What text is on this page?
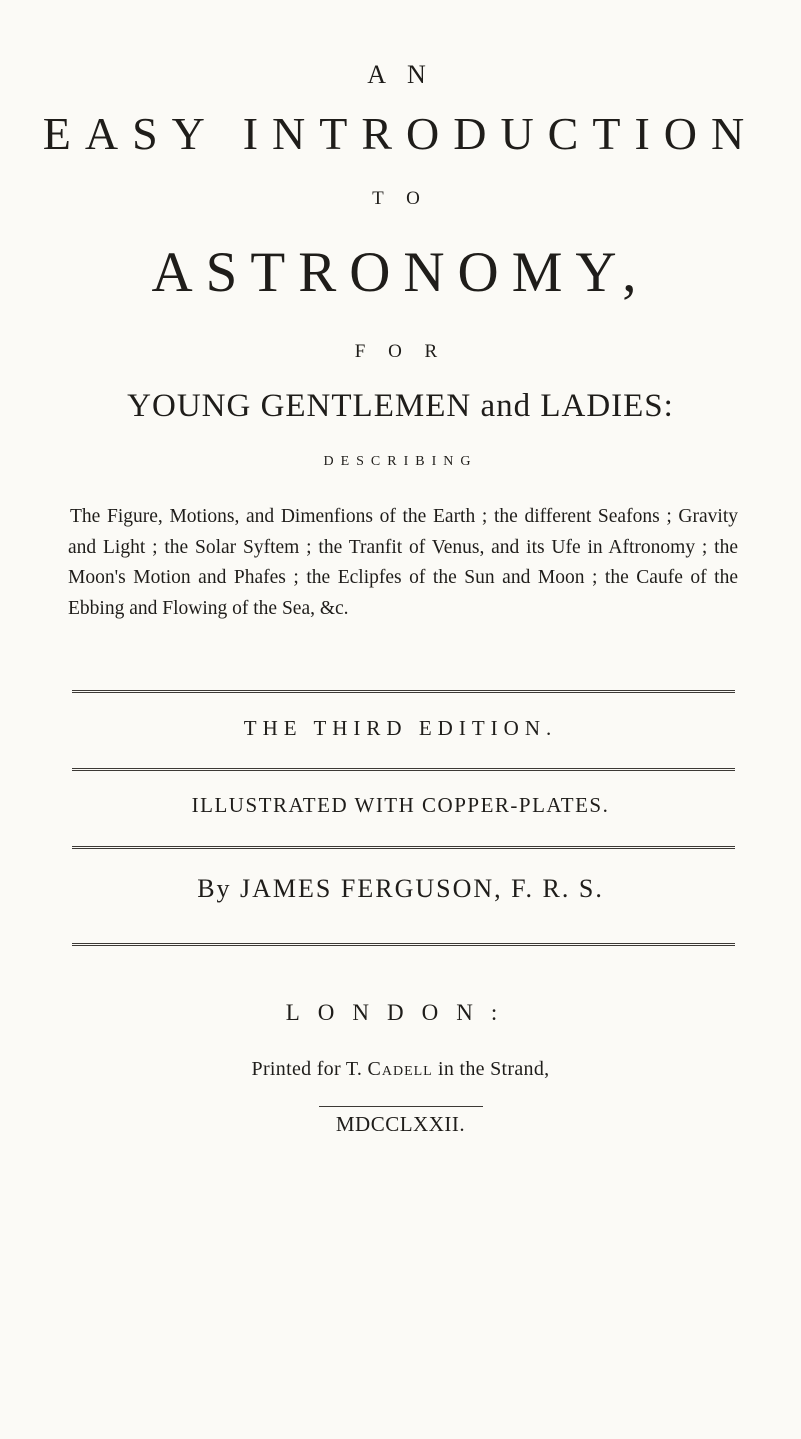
A N
EASY INTRODUCTION
T O
ASTRONOMY,
F O R
YOUNG GENTLEMEN and LADIES:
DESCRIBING
The Figure, Motions, and Dimenfions of the Earth ; the different Seafons ; Gravity and Light ; the Solar Syftem ; the Tranfit of Venus, and its Ufe in Aftronomy ; the Moon's Motion and Phafes ; the Eclipfes of the Sun and Moon ; the Caufe of the Ebbing and Flowing of the Sea, &c.
THE THIRD EDITION.
ILLUSTRATED WITH COPPER-PLATES.
By JAMES FERGUSON, F. R. S.
LONDON:
Printed for T. Cadell in the Strand,
MDCCLXXII.
